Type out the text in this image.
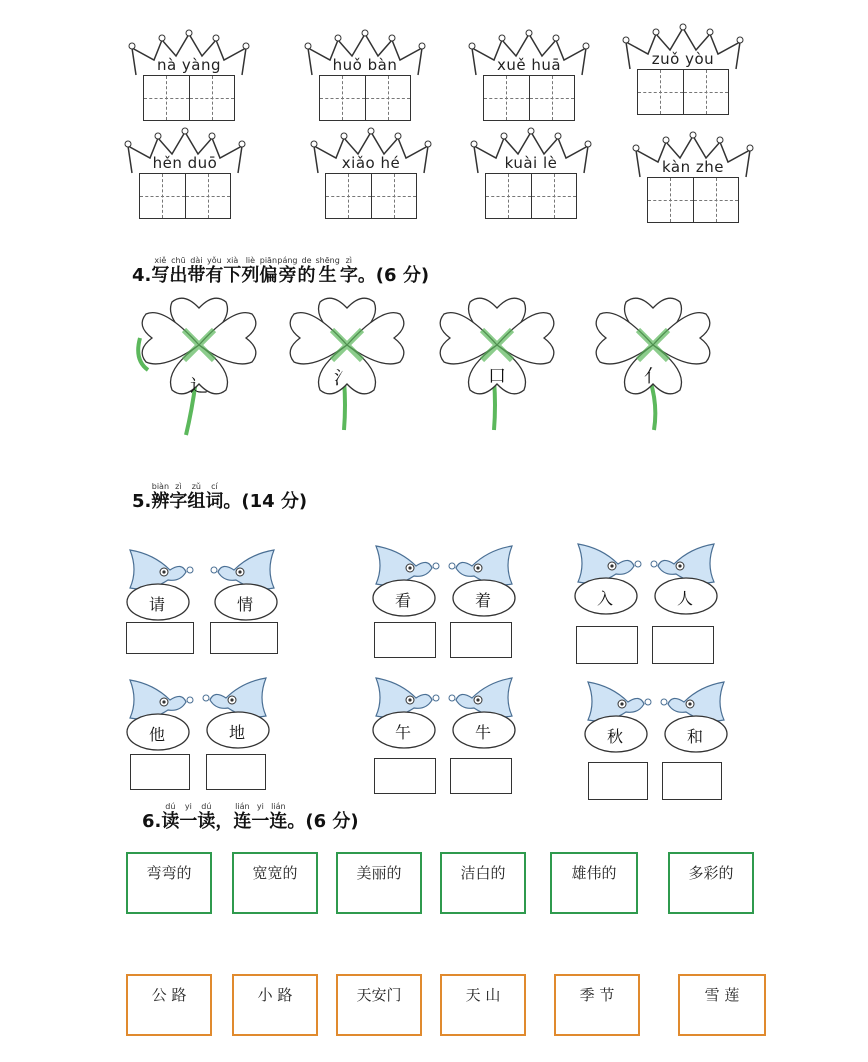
nà yàng	huǒ bàn	xuě huā	zuǒ yòu
hěn duō	xiǎo hé	kuài lè	kàn zhe
4.写xiě出chū带dài有yǒu下xià列liè偏piān旁páng的de生shēng字zì。(6 分)
辶	氵	口	亻
5.辨biàn字zì组zǔ词cí。(14 分)
请	情	看	着	入	人
他	地	午	牛	秋	和
6.读dú一yi读dú，连lián一yi连lián。(6 分)
弯弯的	宽宽的	美丽的	洁白的	雄伟的	多彩的
公 路	小 路	天安门	天 山	季 节	雪 莲
